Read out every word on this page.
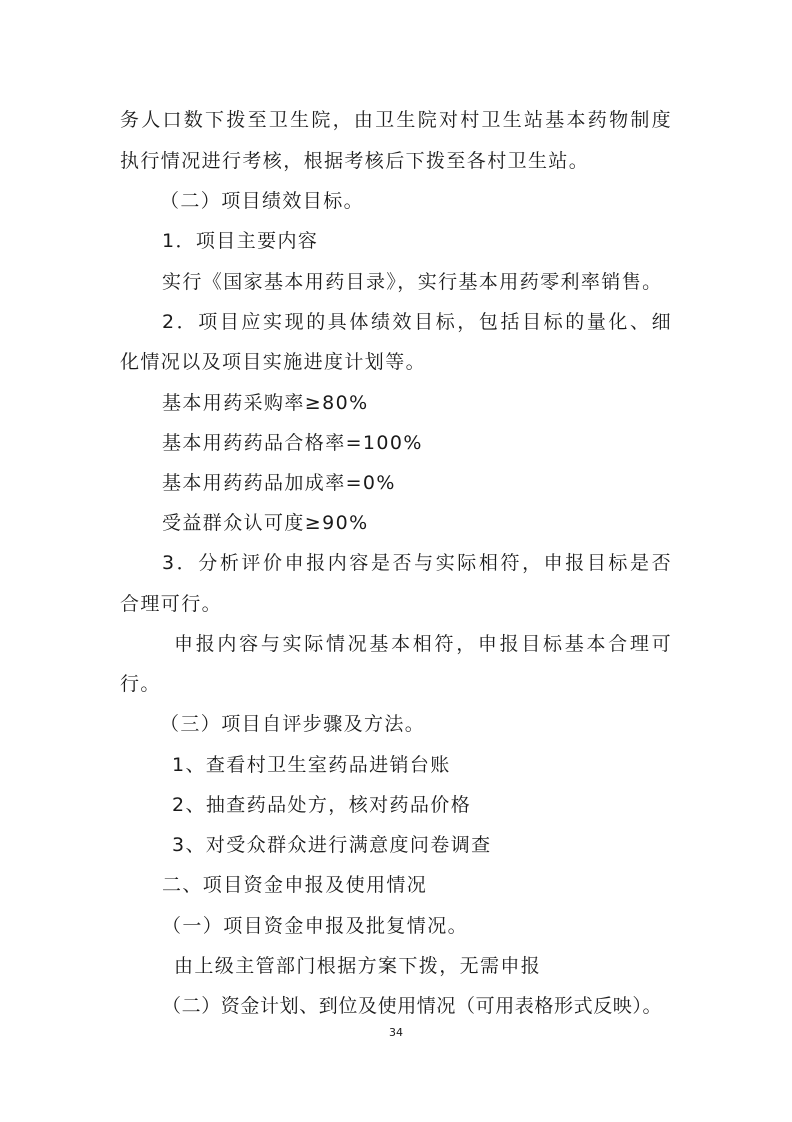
务人口数下拨至卫生院，由卫生院对村卫生站基本药物制度
执行情况进行考核，根据考核后下拨至各村卫生站。
（二）项目绩效目标。
1．项目主要内容
实行《国家基本用药目录》，实行基本用药零利率销售。
2．项目应实现的具体绩效目标，包括目标的量化、细
化情况以及项目实施进度计划等。
基本用药采购率≥80%
基本用药药品合格率=100%
基本用药药品加成率=0%
受益群众认可度≥90%
3．分析评价申报内容是否与实际相符，申报目标是否
合理可行。
申报内容与实际情况基本相符，申报目标基本合理可
行。
（三）项目自评步骤及方法。
1、查看村卫生室药品进销台账
2、抽查药品处方，核对药品价格
3、对受众群众进行满意度问卷调查
二、项目资金申报及使用情况
（一）项目资金申报及批复情况。
由上级主管部门根据方案下拨，无需申报
（二）资金计划、到位及使用情况（可用表格形式反映）。
34
